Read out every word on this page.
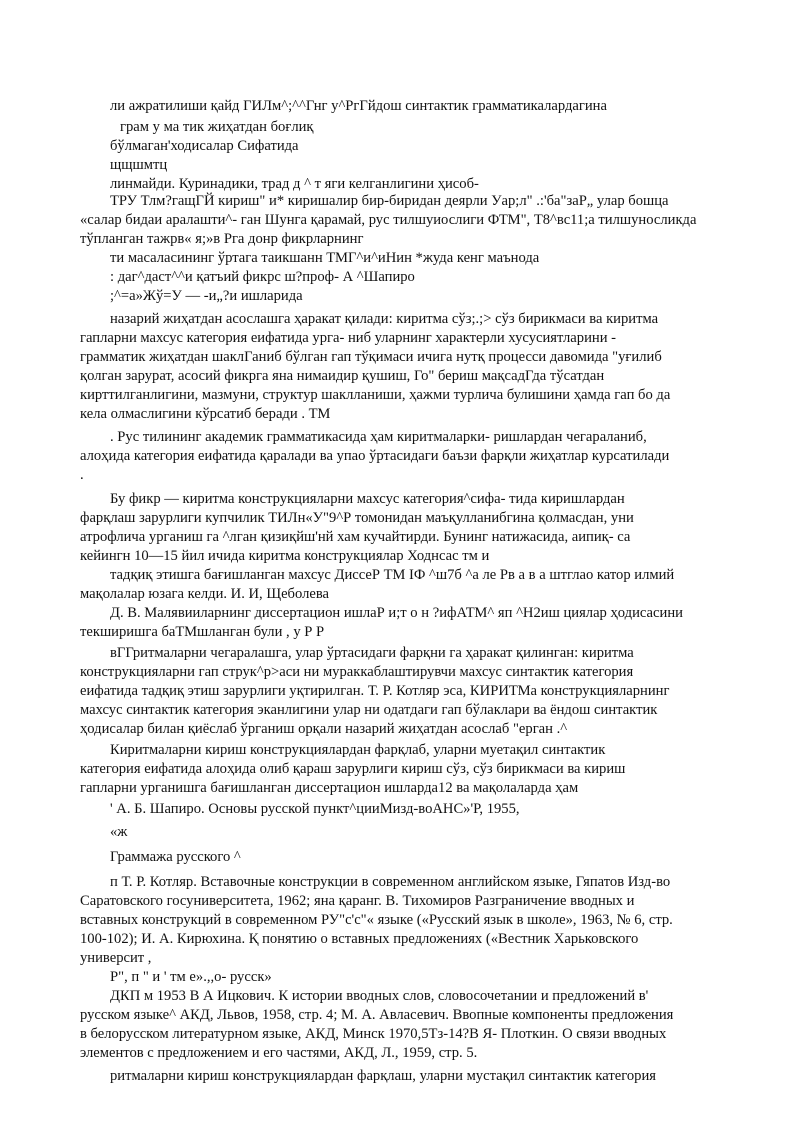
ли ажратилиши қайд ГИЛм^;^^Гнг у^РгГйдош синтактик грамматикалардагина
грам у ма тик жиҳатдан боғлиқ
бўлмаган'ходисалар Сифатида
щщшмтц
линмайди. Куринадики, трад д ^ т яги келганлигини ҳисоб-
ТРУ Тлм?гащГЙ кириш" и* киришалир бир-биридан деярли Уар;л" .:'ба"заР„ улар бошца
«салар бидаи аралашти^- ган Шунга қарамай, рус тилшуиослиги ФТМ", Т8^вс11;а тилшуносликда
тўпланган тажрв« я;»в Рга донр фикрларнинг
ти масаласининг ўртага таикшанн ТМГ^и^иНин *жуда кенг маънода
: даг^даст^^и қатъий фикрс ш?проф- А ^Шапиро
;^=а»Жў=У — -и„?и ишларида
назарий жиҳатдан асослашга ҳаракат қилади: киритма сўз;.;> сўз бирикмаси ва киритма
гапларни махсус категория еифатида урга- ниб уларнинг характерли хусусиятларини -
грамматик жиҳатдан шаклГаниб бўлган гап тўқимаси ичига нутқ процесси давомида "уғилиб
қолган зарурат, асосий фикрга яна нимаидир қушиш, Го" бериш мақсадГда тўсатдан
кирттилганлигини, мазмуни, структур шаклланиши, ҳажми турлича булишини ҳамда гап бо да
кела олмаслигини кўрсатиб беради . ТМ
. Рус тилининг академик грамматикасида ҳам киритмаларки- ришлардан чегараланиб,
алоҳида категория еифатида қаралади ва упао ўртасидаги баъзи фарқли жиҳатлар курсатилади
.
Бу фикр — киритма конструкцияларни махсус категория^сифа- тида киришлардан
фарқлаш зарурлиги купчилик ТИЛн«У"9^Р томонидан маъқулланибгина қолмасдан, уни
атрофлича урганиш га ^лган қизиқйш'нй хам кучайтирди. Бунинг натижасида, аипиқ- са
кейингн 10—15 йил ичида киритма конструкциялар Ходнсас тм и
тадқиқ этишга бағишланган махсус ДиссеР ТМ ІФ ^ш7б ^а ле Рв а в а штглао катор илмий
мақолалар юзага келди. И. И, Щеболева
Д. В. Малявииларнинг диссертацион ишлаР и;т о н ?ифАТМ^ яп ^Н2иш циялар ҳодисасини
текширишга баТМшланган були , у Р Р
вГГритмаларни чегаралашга, улар ўртасидаги фарқни га ҳаракат қилинган: киритма
конструкцияларни гап струк^р>аси ни мураккаблаштирувчи махсус синтактик категория
еифатида тадқиқ этиш зарурлиги уқтирилган. Т. Р. Котляр эса, КИРИТМа конструкцияларнинг
махсус синтактик категория эканлигини улар ни одатдаги гап бўлаклари ва ёндош синтактик
ҳодисалар билан қиёслаб ўрганиш орқали назарий жиҳатдан асослаб "ерган .^
Киритмаларни кириш конструкциялардан фарқлаб, уларни муетақил синтактик
категория еифатида алоҳида олиб қараш зарурлиги кириш сўз, сўз бирикмаси ва кириш
гапларни урганишга бағишланган диссертацион ишларда12 ва мақолаларда ҳам
' А. Б. Шапиро. Основы русской пункт^цииМизд-воАНС»'Р, 1955,
«ж
Граммажа русского ^
п Т. Р. Котляр. Вставочные конструкции в современном английском языке, Гяпатов Изд-во
Саратовского госуниверситета, 1962; яна қаранг. В. Тихомиров Разграничение вводных и
вставных конструкций в современном РУ"с'с"« языке («Русский язык в школе», 1963, № 6, стр.
100-102); И. А. Кирюхина. Қ понятию о вставных предложениях («Вестник Харьковского
университ ,
Р", п " и ' тм е».,,о- русск»
ДКП м 1953 В А Ицкович. К истории вводных слов, словосочетании и предложений в'
русском языке^ АКД, Львов, 1958, стр. 4; М. А. Авласевич. Ввопные компоненты предложения
в белорусском литературном языке, АКД, Минск 1970,5Тз-14?В Я- Плоткин. О связи вводных
элементов с предложением и его частями, АКД, Л., 1959, стр. 5.
ритмаларни кириш конструкциялардан фарқлаш, уларни мустақил синтактик категория
